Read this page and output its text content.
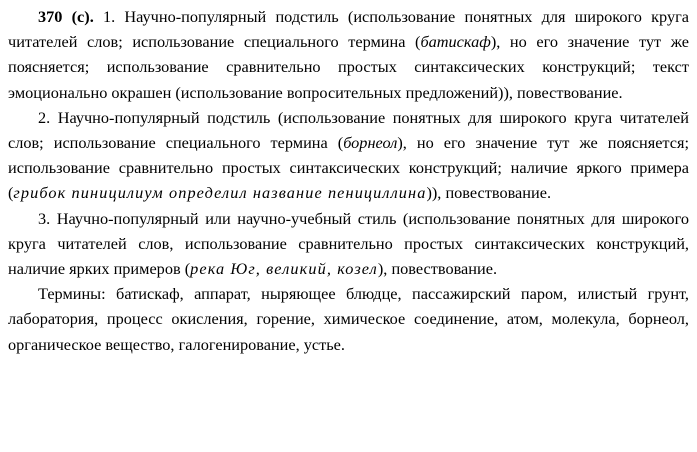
370 (c). 1. Научно-популярный подстиль (использование понятных для широкого круга читателей слов; использование специального термина (батискаф), но его значение тут же поясняется; использование сравнительно простых синтаксических конструкций; текст эмоционально окрашен (использование вопросительных предложений)), повествование.

2. Научно-популярный подстиль (использование понятных для широкого круга читателей слов; использование специального термина (борнеол), но его значение тут же поясняется; использование сравнительно простых синтаксических конструкций; наличие яркого примера (грибок пиницилиум определил название пенициллина)), повествование.

3. Научно-популярный или научно-учебный стиль (использование понятных для широкого круга читателей слов, использование сравнительно простых синтаксических конструкций, наличие ярких примеров (река Юг, великий, козел), повествование.

Термины: батискаф, аппарат, ныряющее блюдце, пассажирский паром, илистый грунт, лаборатория, процесс окисления, горение, химическое соединение, атом, молекула, борнеол, органическое вещество, галогенирование, устье.
